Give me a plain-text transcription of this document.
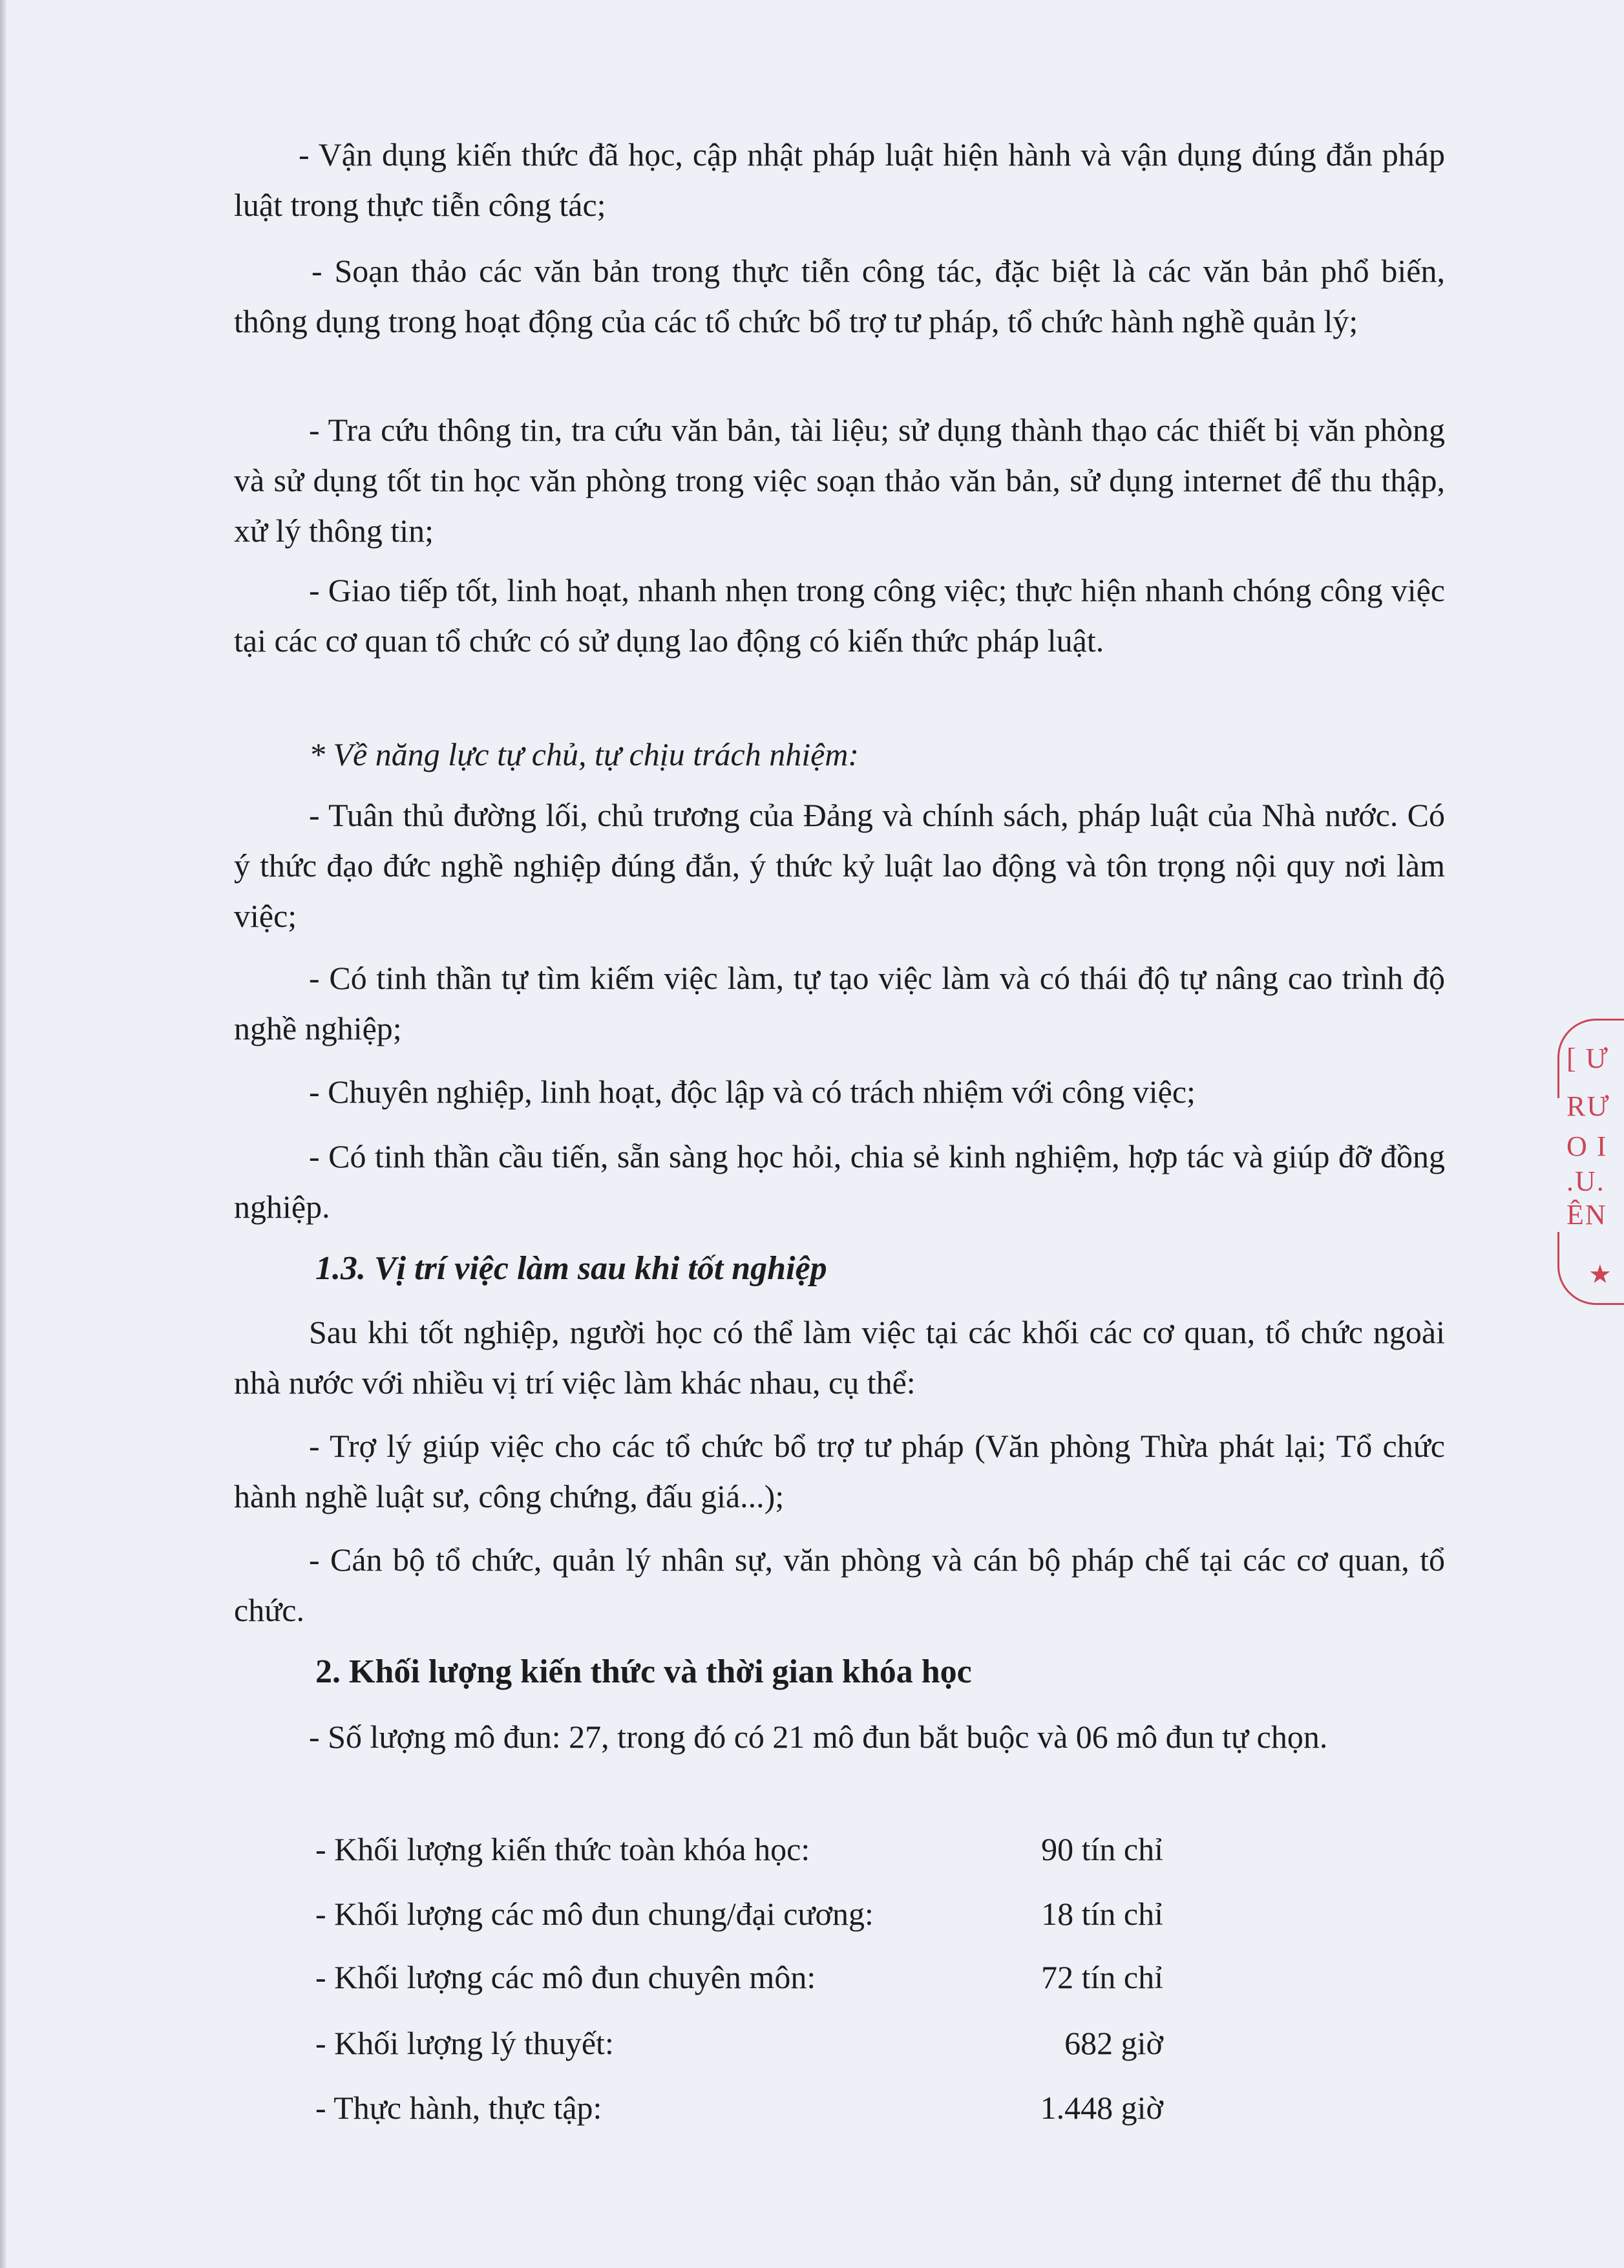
- Vận dụng kiến thức đã học, cập nhật pháp luật hiện hành và vận dụng đúng đắn pháp luật trong thực tiễn công tác;

- Soạn thảo các văn bản trong thực tiễn công tác, đặc biệt là các văn bản phổ biến, thông dụng trong hoạt động của các tổ chức bổ trợ tư pháp, tổ chức hành nghề quản lý;

- Tra cứu thông tin, tra cứu văn bản, tài liệu; sử dụng thành thạo các thiết bị văn phòng và sử dụng tốt tin học văn phòng trong việc soạn thảo văn bản, sử dụng internet để thu thập, xử lý thông tin;

- Giao tiếp tốt, linh hoạt, nhanh nhẹn trong công việc; thực hiện nhanh chóng công việc tại các cơ quan tổ chức có sử dụng lao động có kiến thức pháp luật.

* Về năng lực tự chủ, tự chịu trách nhiệm:

- Tuân thủ đường lối, chủ trương của Đảng và chính sách, pháp luật của Nhà nước. Có ý thức đạo đức nghề nghiệp đúng đắn, ý thức kỷ luật lao động và tôn trọng nội quy nơi làm việc;

- Có tinh thần tự tìm kiếm việc làm, tự tạo việc làm và có thái độ tự nâng cao trình độ nghề nghiệp;

- Chuyên nghiệp, linh hoạt, độc lập và có trách nhiệm với công việc;

- Có tinh thần cầu tiến, sẵn sàng học hỏi, chia sẻ kinh nghiệm, hợp tác và giúp đỡ đồng nghiệp.

1.3. Vị trí việc làm sau khi tốt nghiệp

Sau khi tốt nghiệp, người học có thể làm việc tại các khối các cơ quan, tổ chức ngoài nhà nước với nhiều vị trí việc làm khác nhau, cụ thể:

- Trợ lý giúp việc cho các tổ chức bổ trợ tư pháp (Văn phòng Thừa phát lại; Tổ chức hành nghề luật sư, công chứng, đấu giá...);

- Cán bộ tổ chức, quản lý nhân sự, văn phòng và cán bộ pháp chế tại các cơ quan, tổ chức.

2. Khối lượng kiến thức và thời gian khóa học

- Số lượng mô đun: 27, trong đó có 21 mô đun bắt buộc và 06 mô đun tự chọn.

- Khối lượng kiến thức toàn khóa học:	90 tín chỉ
- Khối lượng các mô đun chung/đại cương:	18 tín chỉ
- Khối lượng các mô đun chuyên môn:	72 tín chỉ
- Khối lượng lý thuyết:	682 giờ
- Thực hành, thực tập:	1.448 giờ
[ Ư
RƯ
O I
.U.
ÊN
★
